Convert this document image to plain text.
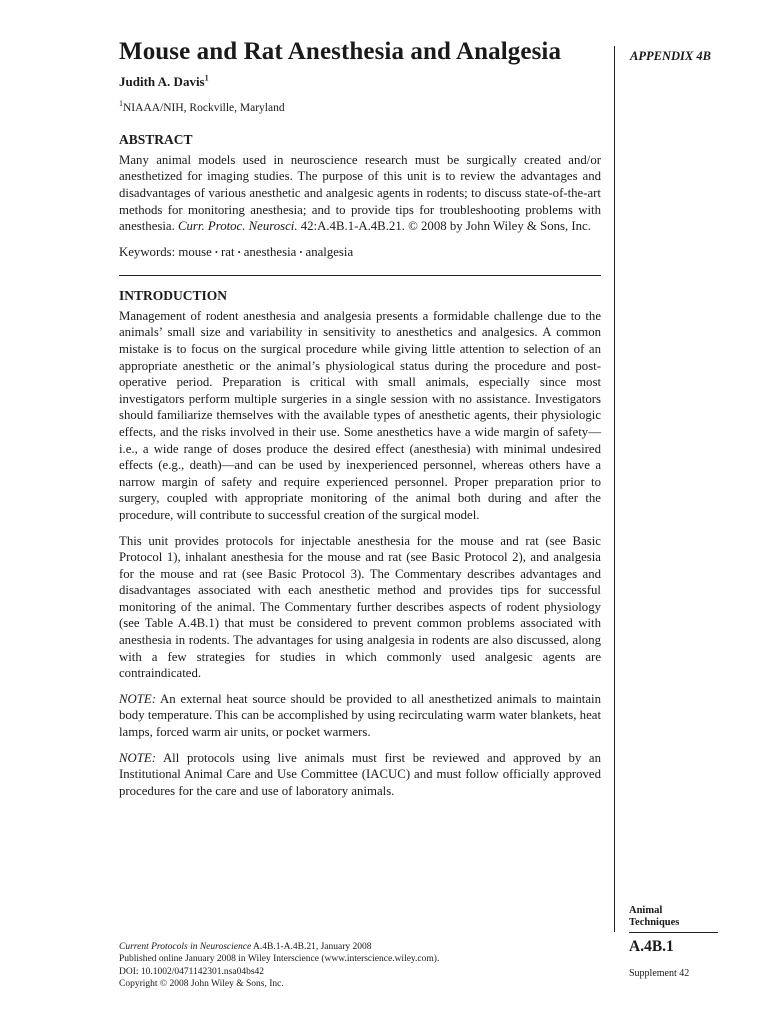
Mouse and Rat Anesthesia and Analgesia
Judith A. Davis$^1$
$^1$NIAAA/NIH, Rockville, Maryland
ABSTRACT

Many animal models used in neuroscience research must be surgically created and/or anesthetized for imaging studies. The purpose of this unit is to review the advantages and disadvantages of various anesthetic and analgesic agents in rodents; to discuss state-of-the-art methods for monitoring anesthesia; and to provide tips for troubleshooting problems with anesthesia. Curr. Protoc. Neurosci. 42:A.4B.1-A.4B.21. © 2008 by John Wiley & Sons, Inc.

Keywords: mouse • rat • anesthesia • analgesia
INTRODUCTION

Management of rodent anesthesia and analgesia presents a formidable challenge due to the animals’ small size and variability in sensitivity to anesthetics and analgesics. A common mistake is to focus on the surgical procedure while giving little attention to selection of an appropriate anesthetic or the animal’s physiological status during the procedure and post-operative period. Preparation is critical with small animals, especially since most investigators perform multiple surgeries in a single session with no assistance. Investigators should familiarize themselves with the available types of anesthetic agents, their physiologic effects, and the risks involved in their use. Some anesthetics have a wide margin of safety—i.e., a wide range of doses produce the desired effect (anesthesia) with minimal undesired effects (e.g., death)—and can be used by inexperienced personnel, whereas others have a narrow margin of safety and require experienced personnel. Proper preparation prior to surgery, coupled with appropriate monitoring of the animal both during and after the procedure, will contribute to successful creation of the surgical model.

This unit provides protocols for injectable anesthesia for the mouse and rat (see Basic Protocol 1), inhalant anesthesia for the mouse and rat (see Basic Protocol 2), and analgesia for the mouse and rat (see Basic Protocol 3). The Commentary describes advantages and disadvantages associated with each anesthetic method and provides tips for successful monitoring of the animal. The Commentary further describes aspects of rodent physiology (see Table A.4B.1) that must be considered to prevent common problems associated with anesthesia in rodents. The advantages for using analgesia in rodents are also discussed, along with a few strategies for studies in which commonly used analgesic agents are contraindicated.

NOTE: An external heat source should be provided to all anesthetized animals to maintain body temperature. This can be accomplished by using recirculating warm water blankets, heat lamps, forced warm air units, or pocket warmers.

NOTE: All protocols using live animals must first be reviewed and approved by an Institutional Animal Care and Use Committee (IACUC) and must follow officially approved procedures for the care and use of laboratory animals.

APPENDIX 4B
Animal
Techniques
A.4B.1
Supplement 42
Current Protocols in Neuroscience A.4B.1-A.4B.21, January 2008
Published online January 2008 in Wiley Interscience (www.interscience.wiley.com).
DOI: 10.1002/0471142301.nsa04bs42
Copyright © 2008 John Wiley & Sons, Inc.
